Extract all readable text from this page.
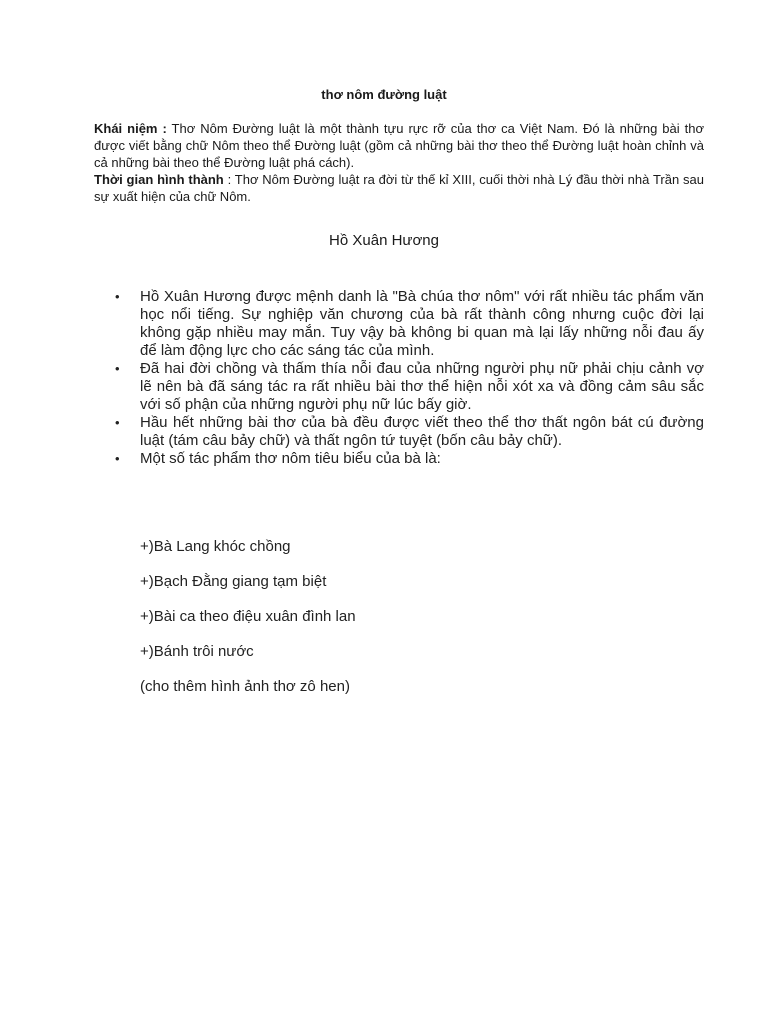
thơ nôm đường luật

Khái niệm : Thơ Nôm Đường luật là một thành tựu rực rỡ của thơ ca Việt Nam. Đó là những bài thơ được viết bằng chữ Nôm theo thể Đường luật (gồm cả những bài thơ theo thể Đường luật hoàn chỉnh và cả những bài theo thể Đường luật phá cách).

Thời gian hình thành : Thơ Nôm Đường luật ra đời từ thế kỉ XIII, cuối thời nhà Lý đầu thời nhà Trần sau sự xuất hiện của chữ Nôm.

Hồ Xuân Hương
• Hồ Xuân Hương được mệnh danh là "Bà chúa thơ nôm" với rất nhiều tác phẩm văn học nổi tiếng. Sự nghiệp văn chương của bà rất thành công nhưng cuộc đời lại không gặp nhiều may mắn. Tuy vậy bà không bi quan mà lại lấy những nỗi đau ấy để làm động lực cho các sáng tác của mình.
• Đã hai đời chồng và thấm thía nỗi đau của những người phụ nữ phải chịu cảnh vợ lẽ nên bà đã sáng tác ra rất nhiều bài thơ thể hiện nỗi xót xa và đồng cảm sâu sắc với số phận của những người phụ nữ lúc bấy giờ.
• Hầu hết những bài thơ của bà đều được viết theo thể thơ thất ngôn bát cú đường luật (tám câu bảy chữ) và thất ngôn tứ tuyệt (bốn câu bảy chữ).
• Một số tác phẩm thơ nôm tiêu biểu của bà là:
+)Bà Lang khóc chồng
+)Bạch Đằng giang tạm biệt
+)Bài ca theo điệu xuân đình lan
+)Bánh trôi nước
(cho thêm hình ảnh thơ zô hen)
